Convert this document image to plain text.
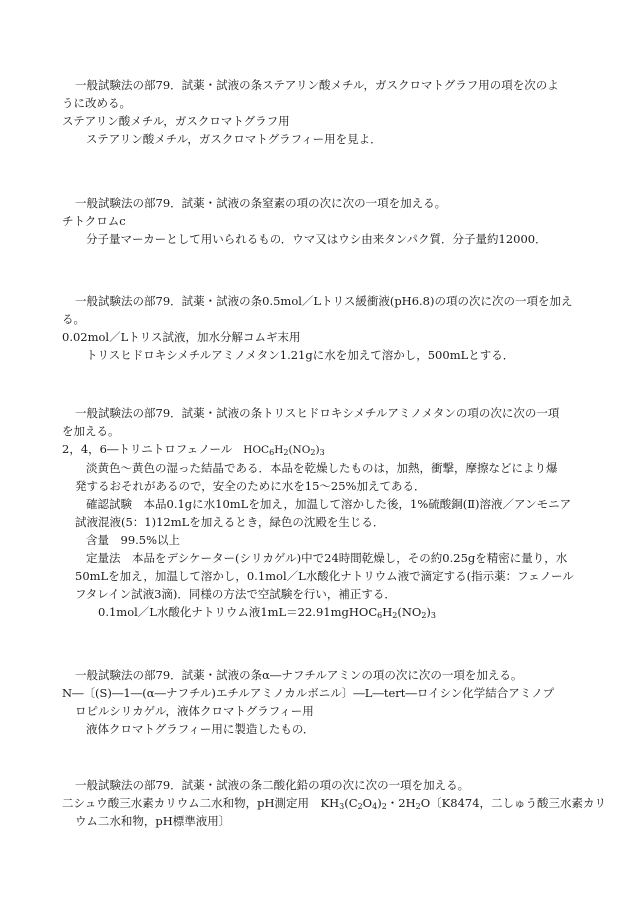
一般試験法の部79．試薬・試液の条ステアリン酸メチル，ガスクロマトグラフ用の項を次のよ

うに改める。

ステアリン酸メチル，ガスクロマトグラフ用

ステアリン酸メチル，ガスクロマトグラフィー用を見よ．

一般試験法の部79．試薬・試液の条窒素の項の次に次の一項を加える。

チトクロムc

分子量マーカーとして用いられるもの．ウマ又はウシ由来タンパク質．分子量約12000．

一般試験法の部79．試薬・試液の条0.5mol／Lトリス緩衝液(pH6.8)の項の次に次の一項を加え

る。

0.02mol／Lトリス試液，加水分解コムギ末用

トリスヒドロキシメチルアミノメタン1.21gに水を加えて溶かし，500mLとする．

一般試験法の部79．試薬・試液の条トリスヒドロキシメチルアミノメタンの項の次に次の一項

を加える。

2，4，6―トリニトロフェノール $HOC_6H_2(NO_2)_3$

淡黄色～黄色の湿った結晶である．本品を乾燥したものは，加熱，衝撃，摩擦などにより爆

発するおそれがあるので，安全のために水を15～25%加えてある．

確認試験　本品0.1gに水10mLを加え，加温して溶かした後，1%硫酸銅(Ⅱ)溶液／アンモニア

試液混液(5：1)12mLを加えるとき，緑色の沈殿を生じる．

含量　99.5%以上

定量法　本品をデシケーター(シリカゲル)中で24時間乾燥し，その約0.25gを精密に量り，水

50mLを加え，加温して溶かし，0.1mol／L水酸化ナトリウム液で滴定する(指示薬：フェノール

フタレイン試液3滴)．同様の方法で空試験を行い，補正する．

0.1mol／L水酸化ナトリウム液$1mL=22.91mgHOC_6H_2(NO_2)_3$

一般試験法の部79．試薬・試液の条α―ナフチルアミンの項の次に次の一項を加える。

N―〔(S)―1―(α―ナフチル)エチルアミノカルボニル〕―L―tert―ロイシン化学結合アミノプ

ロピルシリカゲル，液体クロマトグラフィー用

液体クロマトグラフィー用に製造したもの．

一般試験法の部79．試薬・試液の条二酸化鉛の項の次に次の一項を加える。

二シュウ酸三水素カリウム二水和物，pH測定用　$KH_3(C_2O_4)_2$・$2H_2O$〔K8474，二しゅう酸三水素カリ

ウム二水和物，pH標準液用〕
